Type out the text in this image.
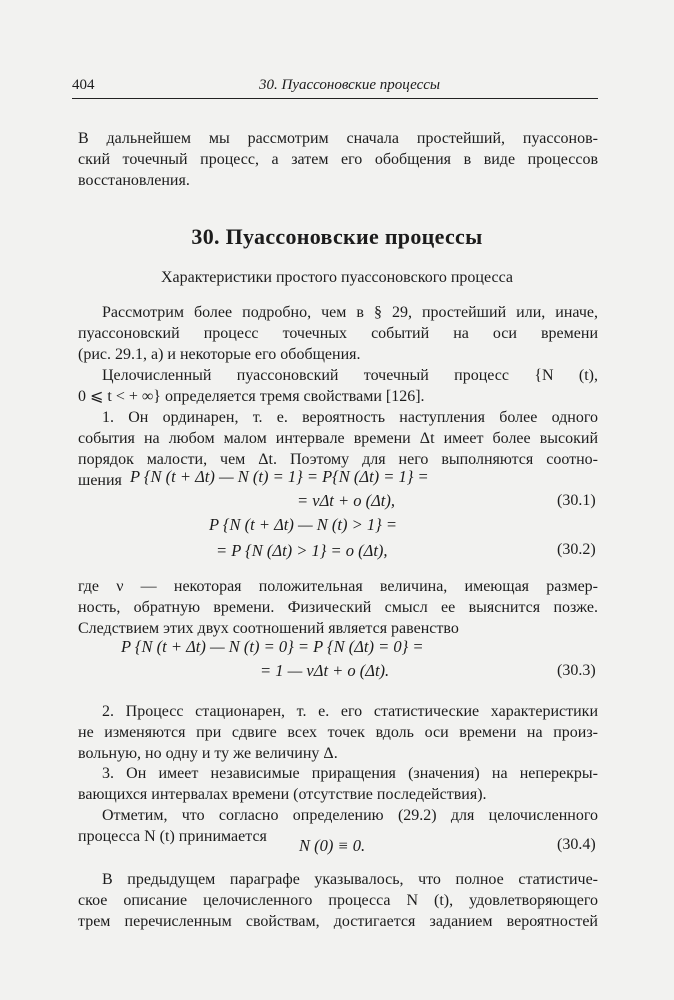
404	30. Пуассоновские процессы

В дальнейшем мы рассмотрим сначала простейший, пуассонов-
ский точечный процесс, а затем его обобщения в виде процессов
восстановления.

30. Пуассоновские процессы
Характеристики простого пуассоновского процесса

Рассмотрим более подробно, чем в § 29, простейший или, иначе,
пуассоновский процесс точечных событий на оси времени
(рис. 29.1, а) и некоторые его обобщения.

Целочисленный пуассоновский точечный процесс {N (t),
0 ⩽ t < + ∞} определяется тремя свойствами [126].

1. Он ординарен, т. е. вероятность наступления более одного
события на любом малом интервале времени Δt имеет более высокий
порядок малости, чем Δt. Поэтому для него выполняются соотно-
шения P {N (t + Δt) — N (t) = 1} = P{N (Δt) = 1} =
= νΔt + o (Δt),	(30.1)
P {N (t + Δt) — N (t) > 1} =
= P {N (Δt) > 1} = o (Δt),	(30.2)

где ν — некоторая положительная величина, имеющая размер-
ность, обратную времени. Физический смысл ее выяснится позже.
Следствием этих двух соотношений является равенство

P {N (t + Δt) — N (t) = 0} = P {N (Δt) = 0} =
= 1 — νΔt + o (Δt).	(30.3)

2. Процесс стационарен, т. е. его статистические характеристики
не изменяются при сдвиге всех точек вдоль оси времени на произ-
вольную, но одну и ту же величину Δ.

3. Он имеет независимые приращения (значения) на неперекры-
вающихся интервалах времени (отсутствие последействия).

Отметим, что согласно определению (29.2) для целочисленного
процесса N (t) принимается	N (0) ≡ 0.	(30.4)

В предыдущем параграфе указывалось, что полное статистиче-
ское описание целочисленного процесса N (t), удовлетворяющего
трем перечисленным свойствам, достигается заданием вероятностей
